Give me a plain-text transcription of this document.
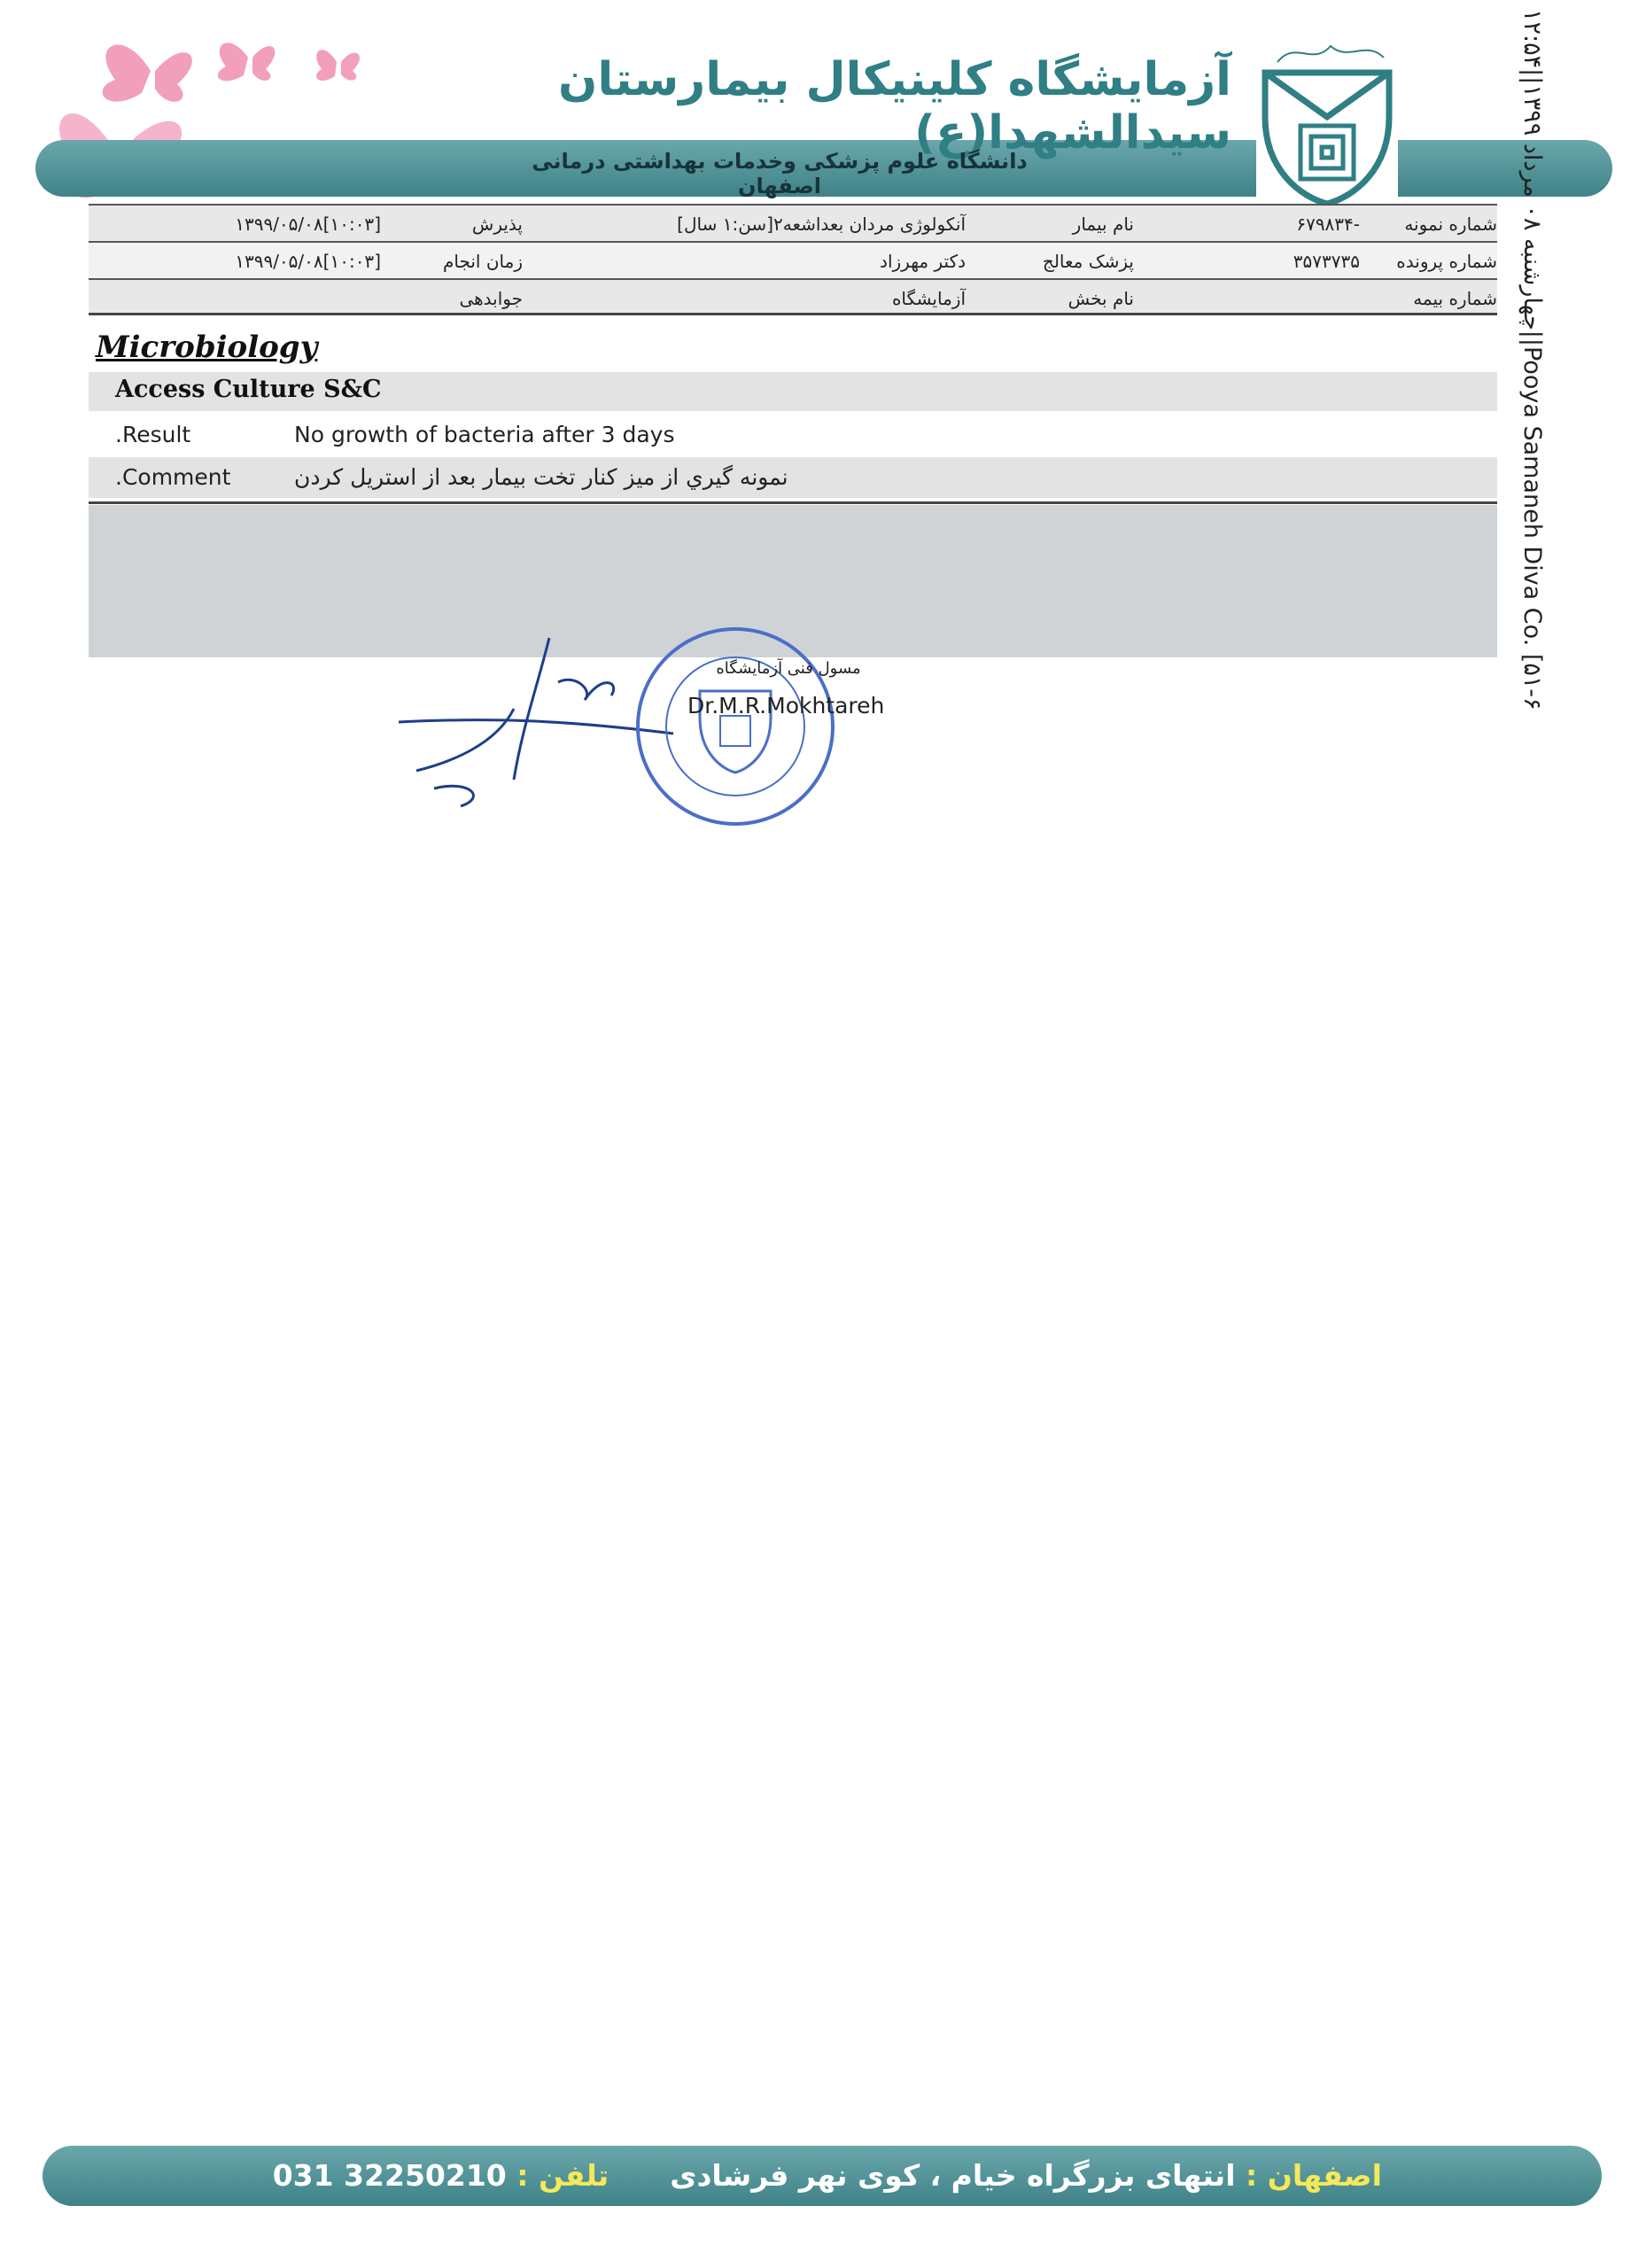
آزمایشگاه کلینیکال بیمارستان سیدالشهدا(ع)
دانشگاه علوم پزشکی وخدمات بهداشتی درمانی اصفهان
شماره نمونه
-۶۷۹۸۳۴
نام بیمار
آنکولوژی مردان بعداشعه۲[سن:۱ سال]
پذیرش
[۱۰:۰۳]۱۳۹۹/۰۵/۰۸
شماره پرونده
۳۵۷۳۷۳۵
پزشک معالج
دکتر مهرزاد
زمان انجام
[۱۰:۰۳]۱۳۹۹/۰۵/۰۸
شماره بیمه
نام بخش
آزمایشگاه
جوابدهی
Microbiology
Access Culture S&C
.Result	No growth of bacteria after 3 days
.Comment	نمونه گيري از ميز كنار تخت بيمار بعد از استريل كردن
مسول فنی آزمایشگاه
Dr.M.R.Mokhtareh
۱۲:۵۴||۱۳۹۹ چهارشنبه ۰۸ مرداد||Pooya Samaneh Diva Co. [۵۱-۶
اصفهان : انتهای بزرگراه خیام ، کوی نهر فرشادی      تلفن : 031 32250210
